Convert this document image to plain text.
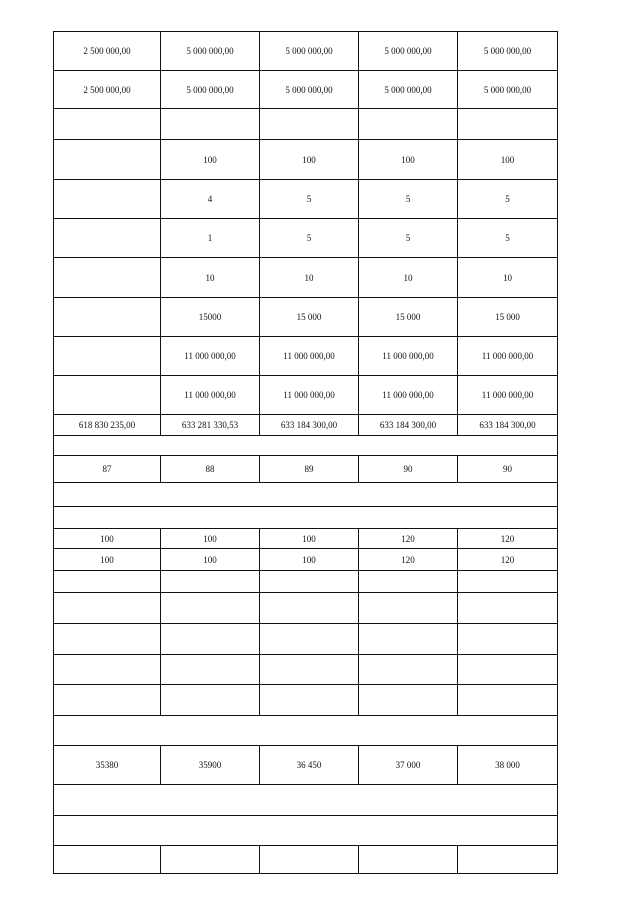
2 500 000,00	5 000 000,00	5 000 000,00	5 000 000,00	5 000 000,00
2 500 000,00	5 000 000,00	5 000 000,00	5 000 000,00	5 000 000,00

	100	100	100	100
	4	5	5	5
	1	5	5	5
	10	10	10	10
	15000	15 000	15 000	15 000
	11 000 000,00	11 000 000,00	11 000 000,00	11 000 000,00
	11 000 000,00	11 000 000,00	11 000 000,00	11 000 000,00
618 830 235,00	633 281 330,53	633 184 300,00	633 184 300,00	633 184 300,00

87	88	89	90	90

100	100	100	120	120
100	100	100	120	120

35380	35900	36 450	37 000	38 000
